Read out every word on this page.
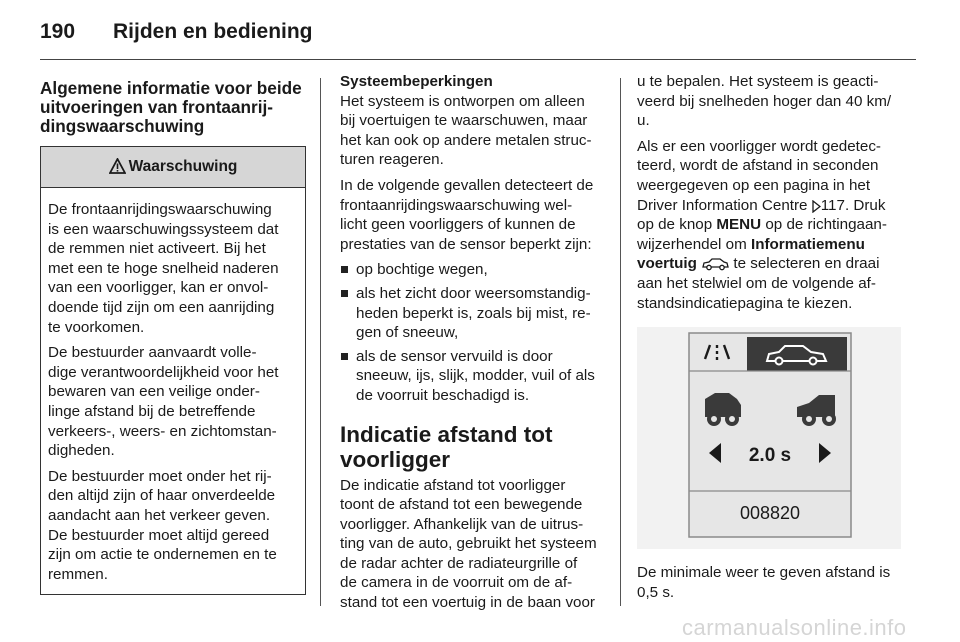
190 Rijden en bediening
Algemene informatie voor beide
uitvoeringen van frontaanrij-
dingswaarschuwing
Waarschuwing

De frontaanrijdingswaarschuwing
is een waarschuwingssysteem dat
de remmen niet activeert. Bij het
met een te hoge snelheid naderen
van een voorligger, kan er onvol-
doende tijd zijn om een aanrijding
te voorkomen.

De bestuurder aanvaardt volle-
dige verantwoordelijkheid voor het
bewaren van een veilige onder-
linge afstand bij de betreffende
verkeers-, weers- en zichtomstan-
digheden.

De bestuurder moet onder het rij-
den altijd zijn of haar onverdeelde
aandacht aan het verkeer geven.
De bestuurder moet altijd gereed
zijn om actie te ondernemen en te
remmen.

Systeembeperkingen
Het systeem is ontworpen om alleen
bij voertuigen te waarschuwen, maar
het kan ook op andere metalen struc-
turen reageren.

In de volgende gevallen detecteert de
frontaanrijdingswaarschuwing wel-
licht geen voorliggers of kunnen de
prestaties van de sensor beperkt zijn:

op bochtige wegen,
als het zicht door weersomstandig-
heden beperkt is, zoals bij mist, re-
gen of sneeuw,
als de sensor vervuild is door
sneeuw, ijs, slijk, modder, vuil of als
de voorruit beschadigd is.
Indicatie afstand tot
voorligger

De indicatie afstand tot voorligger
toont de afstand tot een bewegende
voorligger. Afhankelijk van de uitrus-
ting van de auto, gebruikt het systeem
de radar achter de radiateurgrille of
de camera in de voorruit om de af-
stand tot een voertuig in de baan voor

u te bepalen. Het systeem is geacti-
veerd bij snelheden hoger dan 40 km/
u.

Als er een voorligger wordt gedetec-
teerd, wordt de afstand in seconden
weergegeven op een pagina in het
Driver Information Centre 117. Druk
op de knop MENU op de richtingaan-
wijzerhendel om Informatiemenu
voertuig  te selecteren en draai
aan het stelwiel om de volgende af-
standsindicatiepagina te kiezen.

2.0 s
008820

De minimale weer te geven afstand is
0,5 s.

carmanualsonline.info
